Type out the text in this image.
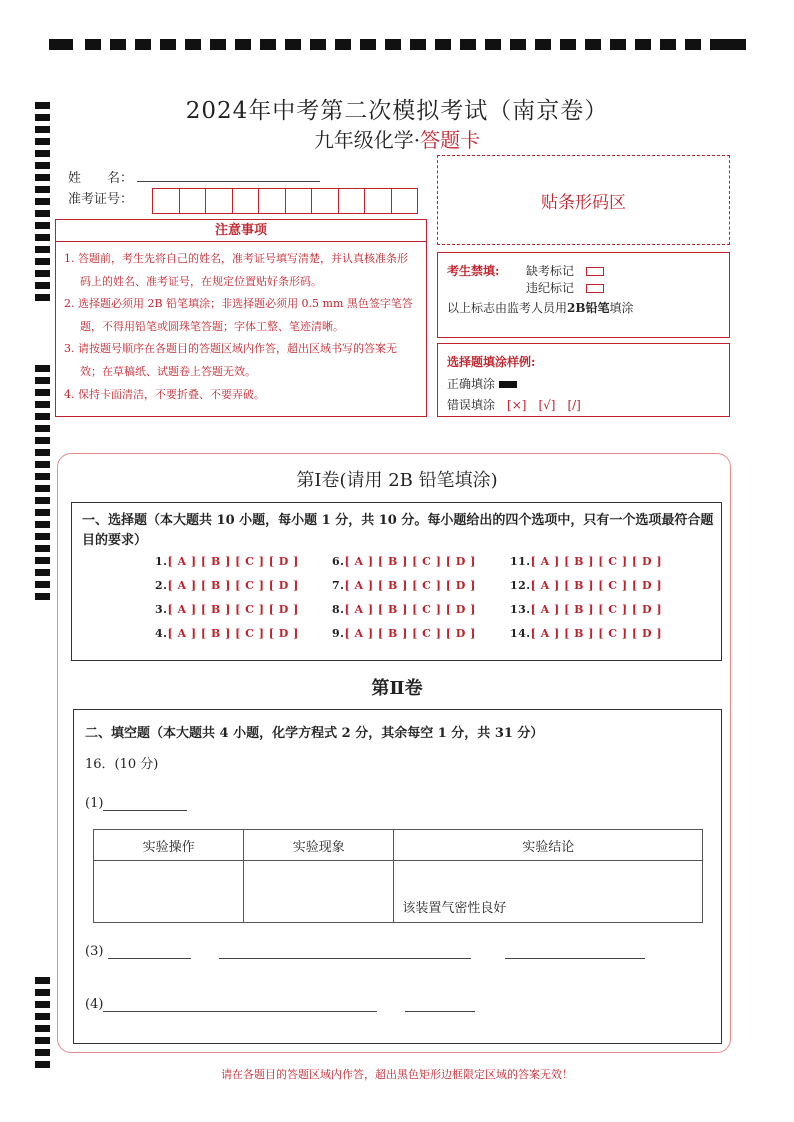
2024年中考第二次模拟考试（南京卷）
九年级化学·答题卡
姓　　名：
准考证号：	贴条形码区
注意事项
1. 答题前，考生先将自己的姓名，准考证号填写清楚，并认真核准条形码上的姓名、准考证号，在规定位置贴好条形码。
2. 选择题必须用 2B 铅笔填涂；非选择题必须用 0.5 mm 黑色签字笔答题，不得用铅笔或圆珠笔答题；字体工整、笔迹清晰。
3. 请按题号顺序在各题目的答题区域内作答，超出区域书写的答案无效；在草稿纸、试题卷上答题无效。
4. 保持卡面清洁，不要折叠、不要弄破。
考生禁填: 缺考标记　
违纪标记　
以上标志由监考人员用2B铅笔填涂
选择题填涂样例:
正确填涂
错误填涂　 [×]　[√]　[/]
第Ⅰ卷(请用 2B 铅笔填涂)
一、选择题（本大题共 10 小题，每小题 1 分，共 10 分。每小题给出的四个选项中，只有一个选项最符合题目的要求）
1.[ A ] [ B ] [ C ] [ D ]
2.[ A ] [ B ] [ C ] [ D ]
3.[ A ] [ B ] [ C ] [ D ]
4.[ A ] [ B ] [ C ] [ D ]
6.[ A ] [ B ] [ C ] [ D ]
7.[ A ] [ B ] [ C ] [ D ]
8.[ A ] [ B ] [ C ] [ D ]
9.[ A ] [ B ] [ C ] [ D ]
11.[ A ] [ B ] [ C ] [ D ]
12.[ A ] [ B ] [ C ] [ D ]
13.[ A ] [ B ] [ C ] [ D ]
14.[ A ] [ B ] [ C ] [ D ]
第Ⅱ卷
二、填空题（本大题共 4 小题，化学方程式 2 分，其余每空 1 分，共 31 分）
16．(10 分)
(1)
实验操作	实验现象	实验结论
		该装置气密性良好
(3)
(4)
请在各题目的答题区域内作答，超出黑色矩形边框限定区域的答案无效！
